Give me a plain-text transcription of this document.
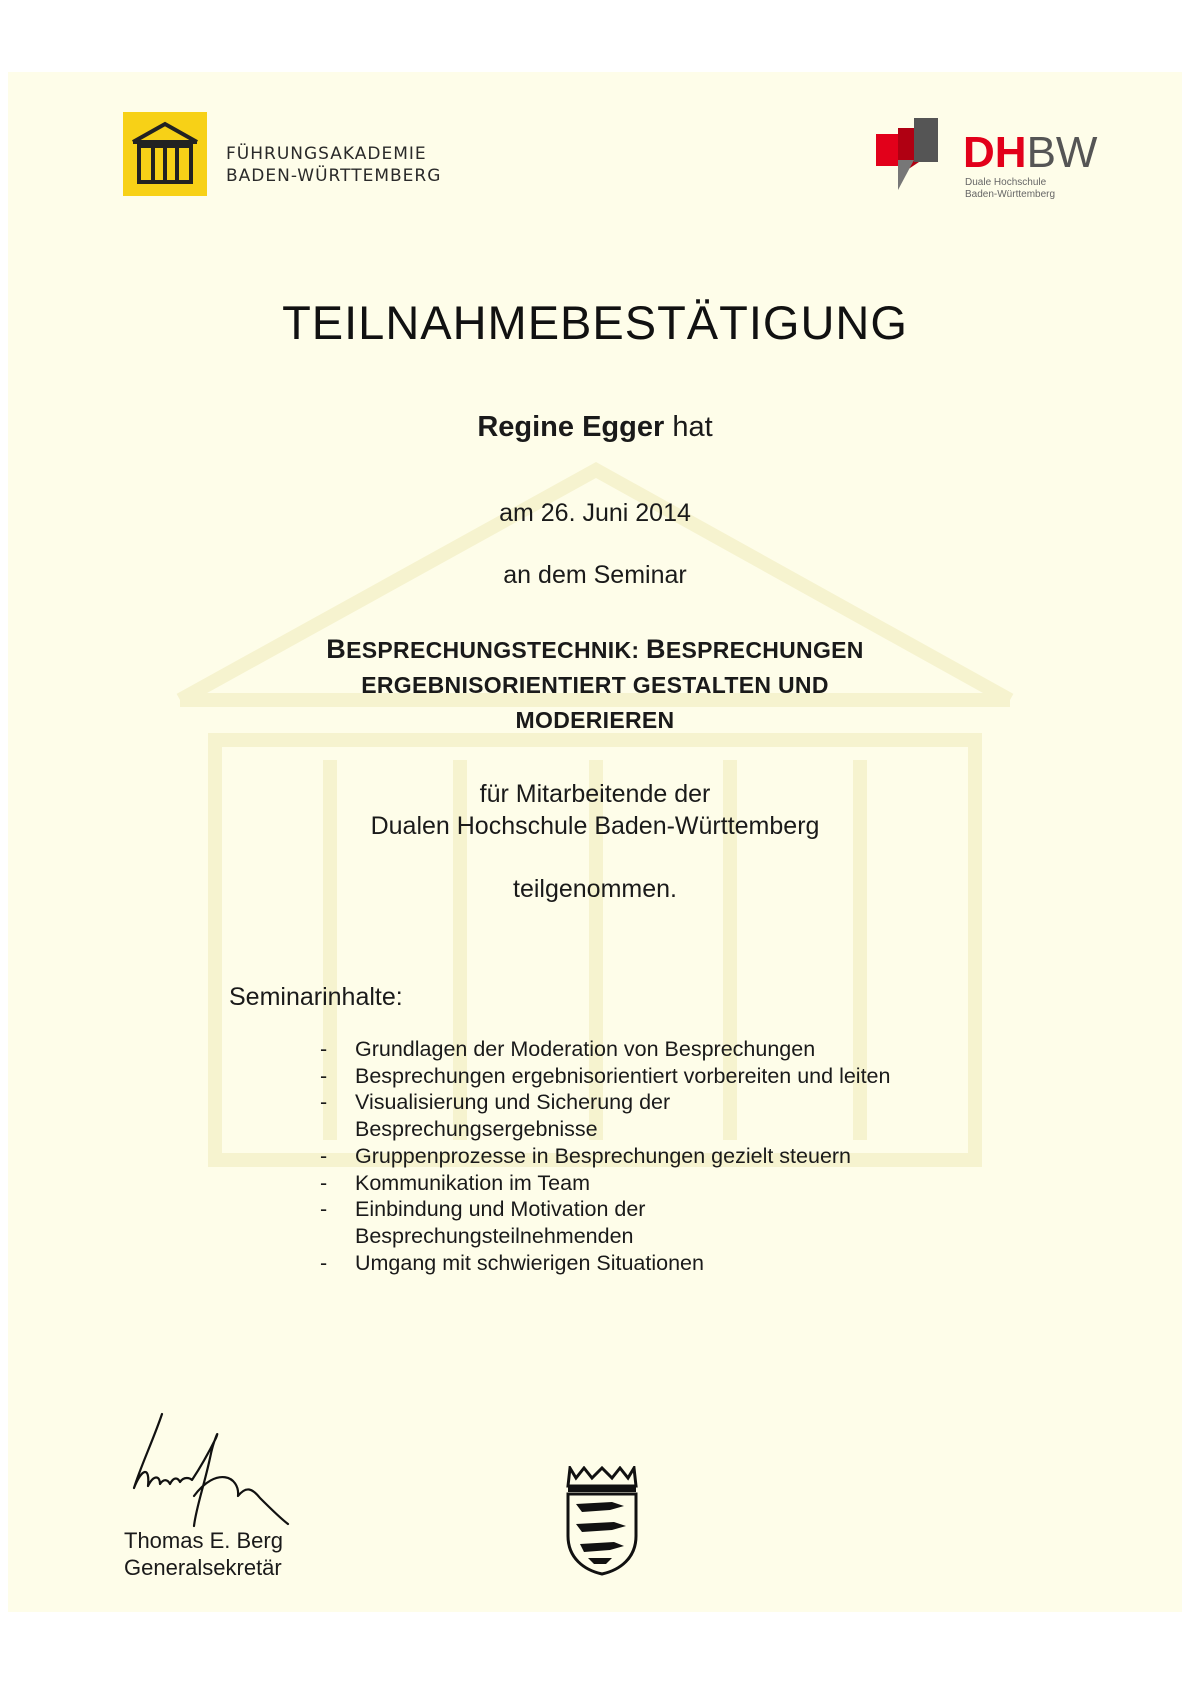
FÜHRUNGSAKADEMIE
BADEN-WÜRTTEMBERG	DHBW
Duale Hochschule
Baden-Württemberg
TEILNAHMEBESTÄTIGUNG
Regine Egger hat
am 26. Juni 2014
an dem Seminar
BESPRECHUNGSTECHNIK: BESPRECHUNGEN
ERGEBNISORIENTIERT GESTALTEN UND
MODERIEREN
für Mitarbeitende der
Dualen Hochschule Baden-Württemberg
teilgenommen.
Seminarinhalte:
- Grundlagen der Moderation von Besprechungen
- Besprechungen ergebnisorientiert vorbereiten und leiten
- Visualisierung und Sicherung der Besprechungsergebnisse
- Gruppenprozesse in Besprechungen gezielt steuern
- Kommunikation im Team
- Einbindung und Motivation der Besprechungsteilnehmenden
- Umgang mit schwierigen Situationen
Thomas E. Berg
Generalsekretär
